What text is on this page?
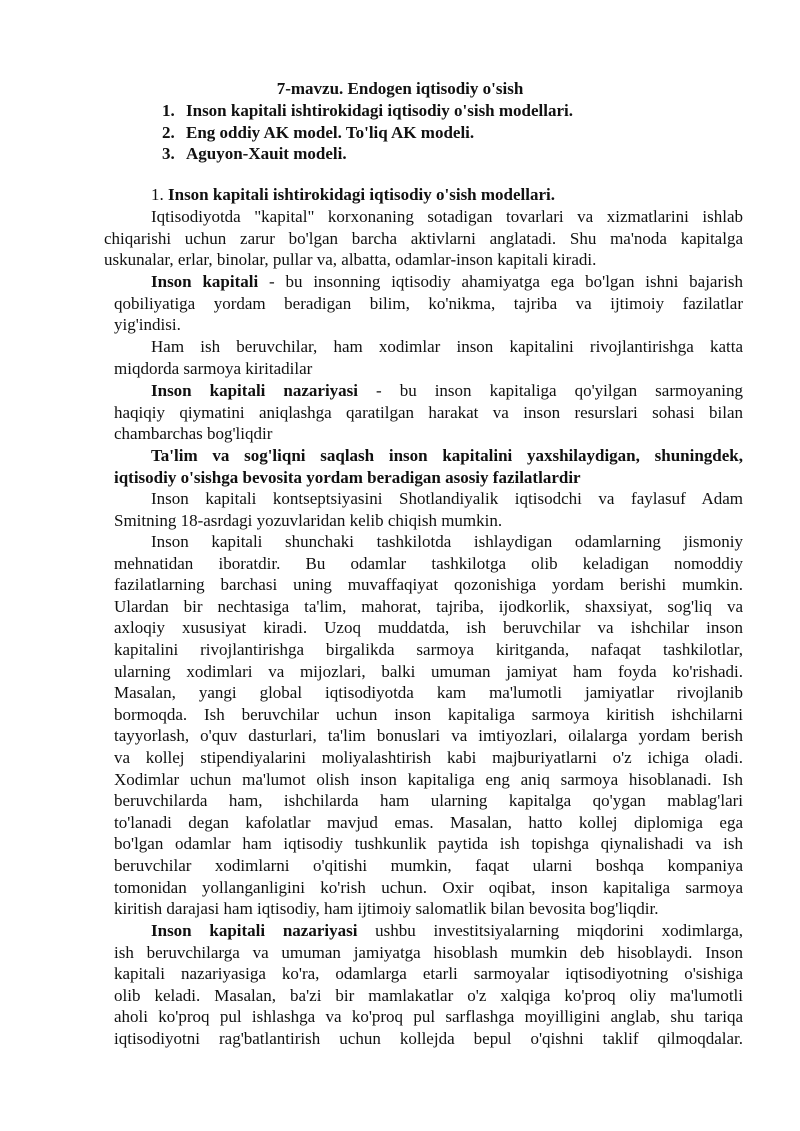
7-mavzu. Endogen iqtisodiy o'sish
1. Inson kapitali ishtirokidagi iqtisodiy o'sish modellari.
2. Eng oddiy AK model. To'liq AK modeli.
3. Aguyon-Xauit modeli.
1. Inson kapitali ishtirokidagi iqtisodiy o'sish modellari.
Iqtisodiyotda "kapital" korxonaning sotadigan tovarlari va xizmatlarini ishlab
chiqarishi uchun zarur bo'lgan barcha aktivlarni anglatadi. Shu ma'noda kapitalga
uskunalar, erlar, binolar, pullar va, albatta, odamlar-inson kapitali kiradi.
Inson kapitali - bu insonning iqtisodiy ahamiyatga ega bo'lgan ishni bajarish
qobiliyatiga yordam beradigan bilim, ko'nikma, tajriba va ijtimoiy fazilatlar
yig'indisi.
Ham ish beruvchilar, ham xodimlar inson kapitalini rivojlantirishga katta
miqdorda sarmoya kiritadilar
Inson kapitali nazariyasi - bu inson kapitaliga qo'yilgan sarmoyaning
haqiqiy qiymatini aniqlashga qaratilgan harakat va inson resurslari sohasi bilan
chambarchas bog'liqdir
Ta'lim va sog'liqni saqlash inson kapitalini yaxshilaydigan, shuningdek,
iqtisodiy o'sishga bevosita yordam beradigan asosiy fazilatlardir
Inson kapitali kontseptsiyasini Shotlandiyalik iqtisodchi va faylasuf Adam
Smitning 18-asrdagi yozuvlaridan kelib chiqish mumkin.
Inson kapitali shunchaki tashkilotda ishlaydigan odamlarning jismoniy
mehnatidan iboratdir. Bu odamlar tashkilotga olib keladigan nomoddiy
fazilatlarning barchasi uning muvaffaqiyat qozonishiga yordam berishi mumkin.
Ulardan bir nechtasiga ta'lim, mahorat, tajriba, ijodkorlik, shaxsiyat, sog'liq va
axloqiy xususiyat kiradi. Uzoq muddatda, ish beruvchilar va ishchilar inson
kapitalini rivojlantirishga birgalikda sarmoya kiritganda, nafaqat tashkilotlar,
ularning xodimlari va mijozlari, balki umuman jamiyat ham foyda ko'rishadi.
Masalan, yangi global iqtisodiyotda kam ma'lumotli jamiyatlar rivojlanib
bormoqda. Ish beruvchilar uchun inson kapitaliga sarmoya kiritish ishchilarni
tayyorlash, o'quv dasturlari, ta'lim bonuslari va imtiyozlari, oilalarga yordam berish
va kollej stipendiyalarini moliyalashtirish kabi majburiyatlarni o'z ichiga oladi.
Xodimlar uchun ma'lumot olish inson kapitaliga eng aniq sarmoya hisoblanadi. Ish
beruvchilarda ham, ishchilarda ham ularning kapitalga qo'ygan mablag'lari
to'lanadi degan kafolatlar mavjud emas. Masalan, hatto kollej diplomiga ega
bo'lgan odamlar ham iqtisodiy tushkunlik paytida ish topishga qiynalishadi va ish
beruvchilar xodimlarni o'qitishi mumkin, faqat ularni boshqa kompaniya
tomonidan yollanganligini ko'rish uchun. Oxir oqibat, inson kapitaliga sarmoya
kiritish darajasi ham iqtisodiy, ham ijtimoiy salomatlik bilan bevosita bog'liqdir.
Inson kapitali nazariyasi ushbu investitsiyalarning miqdorini xodimlarga,
ish beruvchilarga va umuman jamiyatga hisoblash mumkin deb hisoblaydi. Inson
kapitali nazariyasiga ko'ra, odamlarga etarli sarmoyalar iqtisodiyotning o'sishiga
olib keladi. Masalan, ba'zi bir mamlakatlar o'z xalqiga ko'proq oliy ma'lumotli
aholi ko'proq pul ishlashga va ko'proq pul sarflashga moyilligini anglab, shu tariqa
iqtisodiyotni rag'batlantirish uchun kollejda bepul o'qishni taklif qilmoqdalar.
